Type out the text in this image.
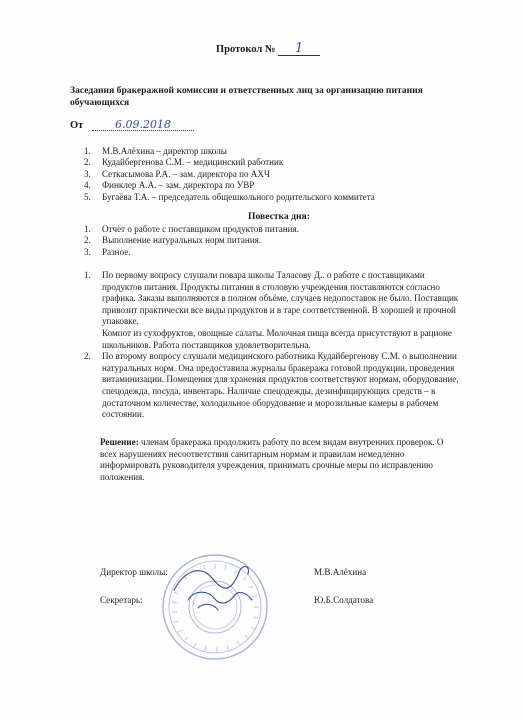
Протокол № 1
Заседания бракеражной комиссии и ответственных лиц за организацию питания обучающихся
От	6.09.2018
1. М.В.Алёхина – директор школы
2. Кудайбергенова С.М. – медицинский работник
3. Сеткасымова Р.А. – зам. директора по АХЧ
4. Финклер А.А. – зам. директора по УВР
5. Бугаёва Т.А. – председатель общешкольного родительского коммитета
Повестка дня:
1. Отчёт о работе с поставщиком продуктов питания.
2. Выполнение натуральных норм питания.
3. Разное.
1. По первому вопросу слушали повара школы Таласову Д.. о работе с поставщиками продуктов питания. Продукты питания в столовую учреждения поставляются согласно графика. Заказы выполняются в полном объёме, случаев недопоставок не было. Поставщик привозит практически все виды продуктов и в таре соответственной. В хорошей и прочной упаковке.
Компот из сухофруктов, овощные салаты. Молочная пища всегда присутствуют в рационе школьников. Работа поставщиков удовлетворительна.
2. По второму вопросу слушали медицинского работника Кудайбергенову С.М. о выполнении натуральных норм. Она предоставила журналы бракеража готовой продукции, проведения витаминизации. Помещения для хранения продуктов соответствуют нормам, оборудование, спецодежда, посуда, инвентарь. Наличие спецодежды, дезинфицирующих средств – в достаточном количестве, холодильное оборудование и морозильные камеры в рабочем состоянии.
Решение: членам бракеража продолжить работу по всем видам внутренних проверок. О всех нарушениях несоответствия санитарным нормам и правилам немедленно информировать руководителя учреждения, принимать срочные меры по исправлению положения.
Директор школы:	М.В.Алёхина
Секретарь:	Ю.Б.Солдатова
